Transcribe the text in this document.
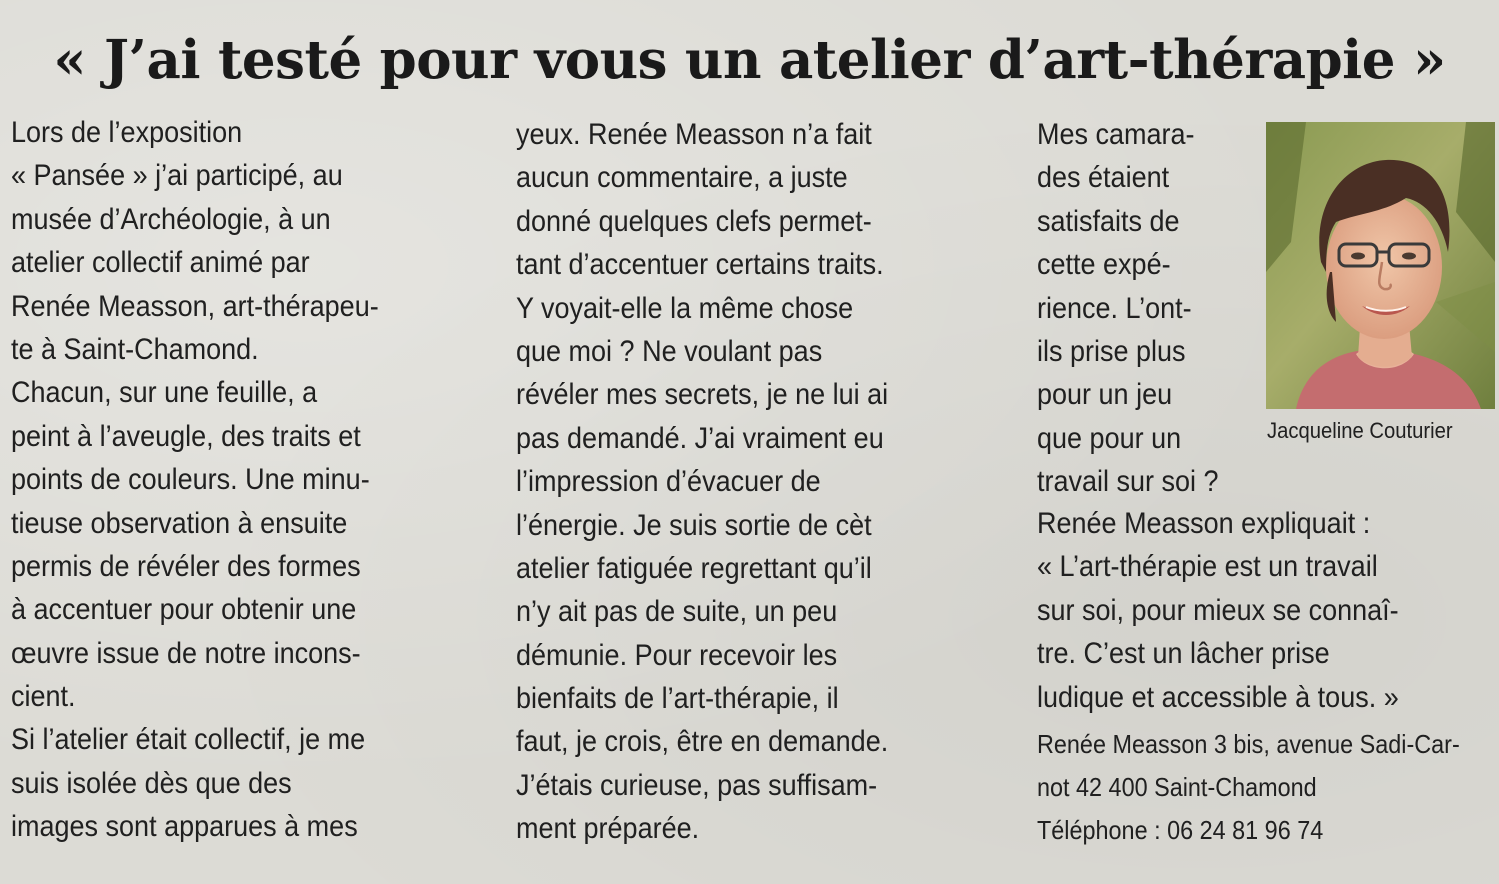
« J’ai testé pour vous un atelier d’art-thérapie »
Lors de l’exposition
« Pansée » j’ai participé, au
musée d’Archéologie, à un
atelier collectif animé par
Renée Measson, art-thérapeu-
te à Saint-Chamond.
Chacun, sur une feuille, a
peint à l’aveugle, des traits et
points de couleurs. Une minu-
tieuse observation à ensuite
permis de révéler des formes
à accentuer pour obtenir une
œuvre issue de notre incons-
cient.
Si l’atelier était collectif, je me
suis isolée dès que des
images sont apparues à mes
yeux. Renée Measson n’a fait
aucun commentaire, a juste
donné quelques clefs permet-
tant d’accentuer certains traits.
Y voyait-elle la même chose
que moi ? Ne voulant pas
révéler mes secrets, je ne lui ai
pas demandé. J’ai vraiment eu
l’impression d’évacuer de
l’énergie. Je suis sortie de cèt
atelier fatiguée regrettant qu’il
n’y ait pas de suite, un peu
démunie. Pour recevoir les
bienfaits de l’art-thérapie, il
faut, je crois, être en demande.
J’étais curieuse, pas suffisam-
ment préparée.
Mes camara-
des étaient
satisfaits de
cette expé-
rience. L’ont-
ils prise plus
pour un jeu
que pour un
travail sur soi ?
Renée Measson expliquait :
« L’art-thérapie est un travail
sur soi, pour mieux se connaî-
tre. C’est un lâcher prise
ludique et accessible à tous. »
Renée Measson 3 bis, avenue Sadi-Car-
not 42 400 Saint-Chamond
Téléphone : 06 24 81 96 74
Jacqueline Couturier
